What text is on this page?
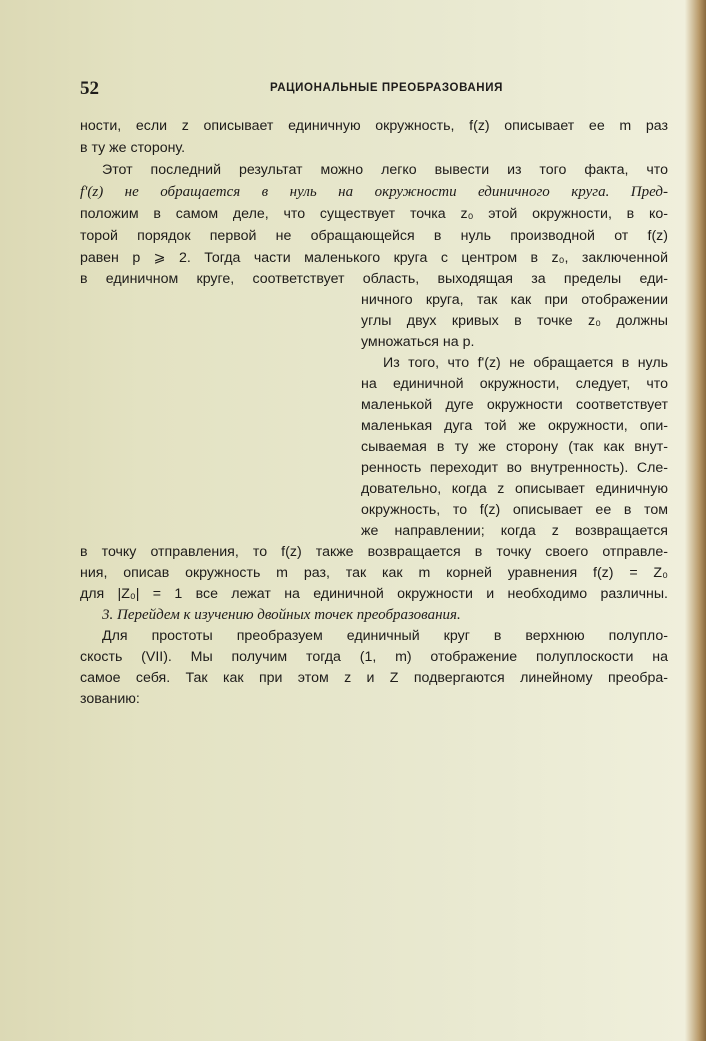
52	РАЦИОНАЛЬНЫЕ ПРЕОБРАЗОВАНИЯ
ности, если z описывает единичную окружность, f(z) описывает ее m раз
в ту же сторону.
Этот последний результат можно легко вывести из того факта, что
f'(z) не обращается в нуль на окружности единичного круга. Пред-
положим в самом деле, что существует точка z₀ этой окружности, в ко-
торой порядок первой не обращающейся в нуль производной от f(z)
равен p ⩾ 2. Тогда части маленького круга с центром в z₀, заключенной
в единичном круге, соответствует область, выходящая за пределы еди-
ничного круга, так как при отображении
углы двух кривых в точке z₀ должны
умножаться на p.
Из того, что f'(z) не обращается в нуль
на единичной окружности, следует, что
маленькой дуге окружности соответствует
маленькая дуга той же окружности, опи-
сываемая в ту же сторону (так как внут-
ренность переходит во внутренность). Сле-
довательно, когда z описывает единичную
окружность, то f(z) описывает ее в том
же направлении; когда z возвращается
в точку отправления, то f(z) также возвращается в точку своего отправле-
ния, описав окружность m раз, так как m корней уравнения f(z) = Z₀
для |Z₀| = 1 все лежат на единичной окружности и необходимо различны.
3. Перейдем к изучению двойных точек преобразования.
Для простоты преобразуем единичный круг в верхнюю полупло-
скость (VII). Мы получим тогда (1, m) отображение полуплоскости на
самое себя. Так как при этом z и Z подвергаются линейному преобра-
зованию:
